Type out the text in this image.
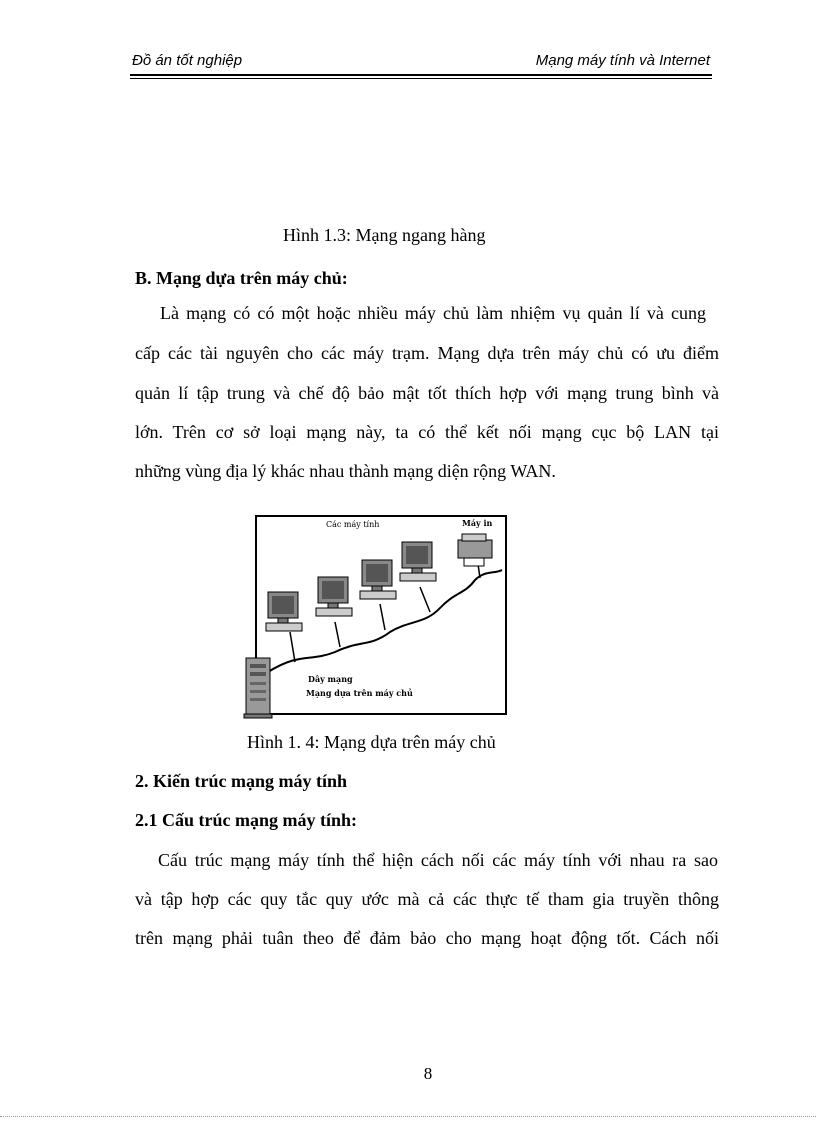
Đồ án tốt nghiệp	Mạng máy tính và Internet
Hình 1.3: Mạng ngang hàng
B. Mạng dựa trên máy chủ:
Là mạng có có một hoặc nhiều máy chủ làm nhiệm vụ quản lí và cung
cấp các tài nguyên cho các máy trạm. Mạng dựa trên máy chủ có ưu điểm
quản lí tập trung và chế độ bảo mật tốt thích hợp với mạng trung bình và
lớn. Trên cơ sở loại mạng này, ta có thể kết nối mạng cục bộ LAN tại
những vùng địa lý khác nhau thành mạng diện rộng WAN.
Các máy tính	Máy in
Dây mạng
Mạng dựa trên máy chủ
Hình 1. 4: Mạng dựa trên máy chủ
2. Kiến trúc mạng máy tính
2.1 Cấu trúc mạng máy tính:
Cấu trúc mạng máy tính thể hiện cách nối các máy tính với nhau ra sao
và tập hợp các quy tắc quy ước mà cả các thực tế tham gia truyền thông
trên mạng phải tuân theo để đảm bảo cho mạng hoạt động tốt. Cách nối
8
